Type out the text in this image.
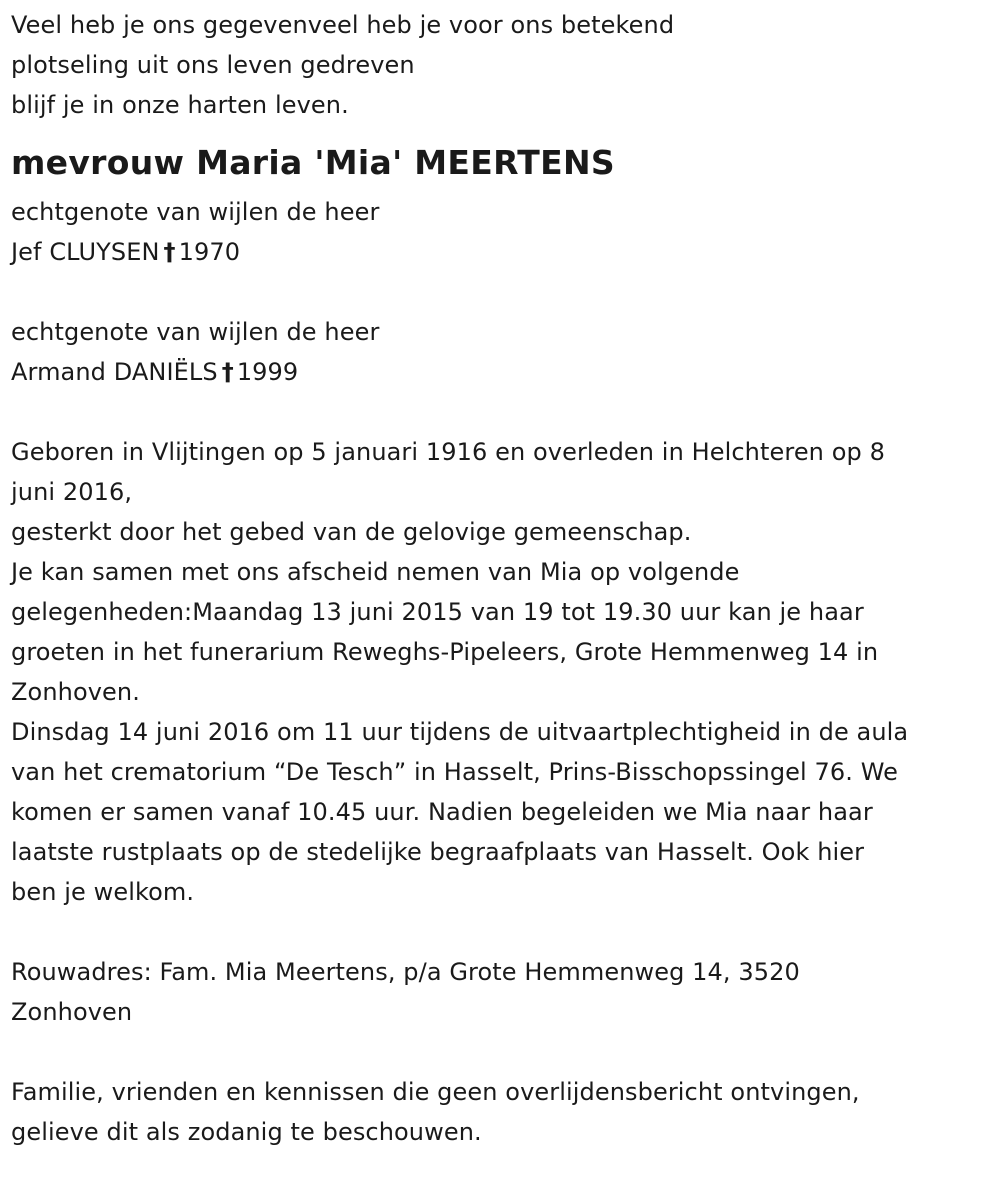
Veel heb je ons gegevenveel heb je voor ons betekend
plotseling uit ons leven gedreven
blijf je in onze harten leven.
mevrouw Maria 'Mia' MEERTENS
echtgenote van wijlen de heer
Jef CLUYSEN † 1970
echtgenote van wijlen de heer
Armand DANIËLS † 1999
Geboren in Vlijtingen op 5 januari 1916 en overleden in Helchteren op 8
juni 2016,
gesterkt door het gebed van de gelovige gemeenschap.
Je kan samen met ons afscheid nemen van Mia op volgende
gelegenheden:Maandag 13 juni 2015 van 19 tot 19.30 uur kan je haar
groeten in het funerarium Reweghs-Pipeleers, Grote Hemmenweg 14 in
Zonhoven.
Dinsdag 14 juni 2016 om 11 uur tijdens de uitvaartplechtigheid in de aula
van het crematorium “De Tesch” in Hasselt, Prins-Bisschopssingel 76. We
komen er samen vanaf 10.45 uur. Nadien begeleiden we Mia naar haar
laatste rustplaats op de stedelijke begraafplaats van Hasselt. Ook hier
ben je welkom.
Rouwadres: Fam. Mia Meertens, p/a Grote Hemmenweg 14, 3520
Zonhoven
Familie, vrienden en kennissen die geen overlijdensbericht ontvingen,
gelieve dit als zodanig te beschouwen.
